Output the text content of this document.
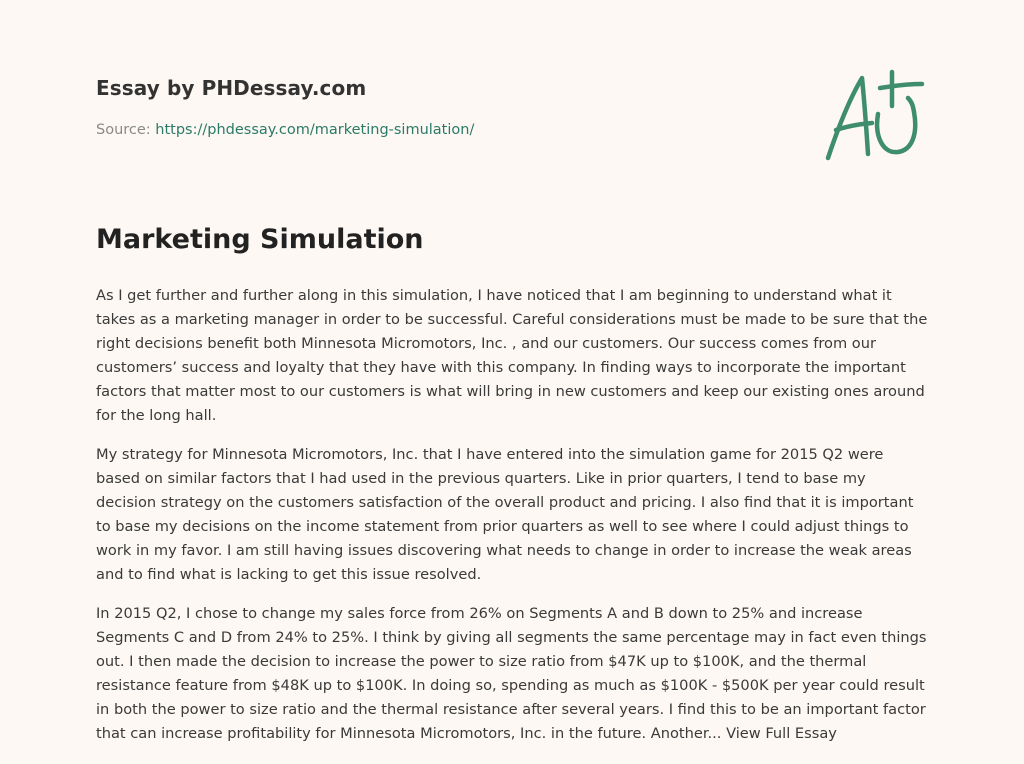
Essay by PHDessay.com
Source: https://phdessay.com/marketing-simulation/
Marketing Simulation

As I get further and further along in this simulation, I have noticed that I am beginning to understand what it takes as a marketing manager in order to be successful. Careful considerations must be made to be sure that the right decisions benefit both Minnesota Micromotors, Inc. , and our customers. Our success comes from our customers’ success and loyalty that they have with this company. In finding ways to incorporate the important factors that matter most to our customers is what will bring in new customers and keep our existing ones around for the long hall.

My strategy for Minnesota Micromotors, Inc. that I have entered into the simulation game for 2015 Q2 were based on similar factors that I had used in the previous quarters. Like in prior quarters, I tend to base my decision strategy on the customers satisfaction of the overall product and pricing. I also find that it is important to base my decisions on the income statement from prior quarters as well to see where I could adjust things to work in my favor. I am still having issues discovering what needs to change in order to increase the weak areas and to find what is lacking to get this issue resolved.

In 2015 Q2, I chose to change my sales force from 26% on Segments A and B down to 25% and increase Segments C and D from 24% to 25%. I think by giving all segments the same percentage may in fact even things out. I then made the decision to increase the power to size ratio from $47K up to $100K, and the thermal resistance feature from $48K up to $100K. In doing so, spending as much as $100K - $500K per year could result in both the power to size ratio and the thermal resistance after several years. I find this to be an important factor that can increase profitability for Minnesota Micromotors, Inc. in the future. Another... View Full Essay
